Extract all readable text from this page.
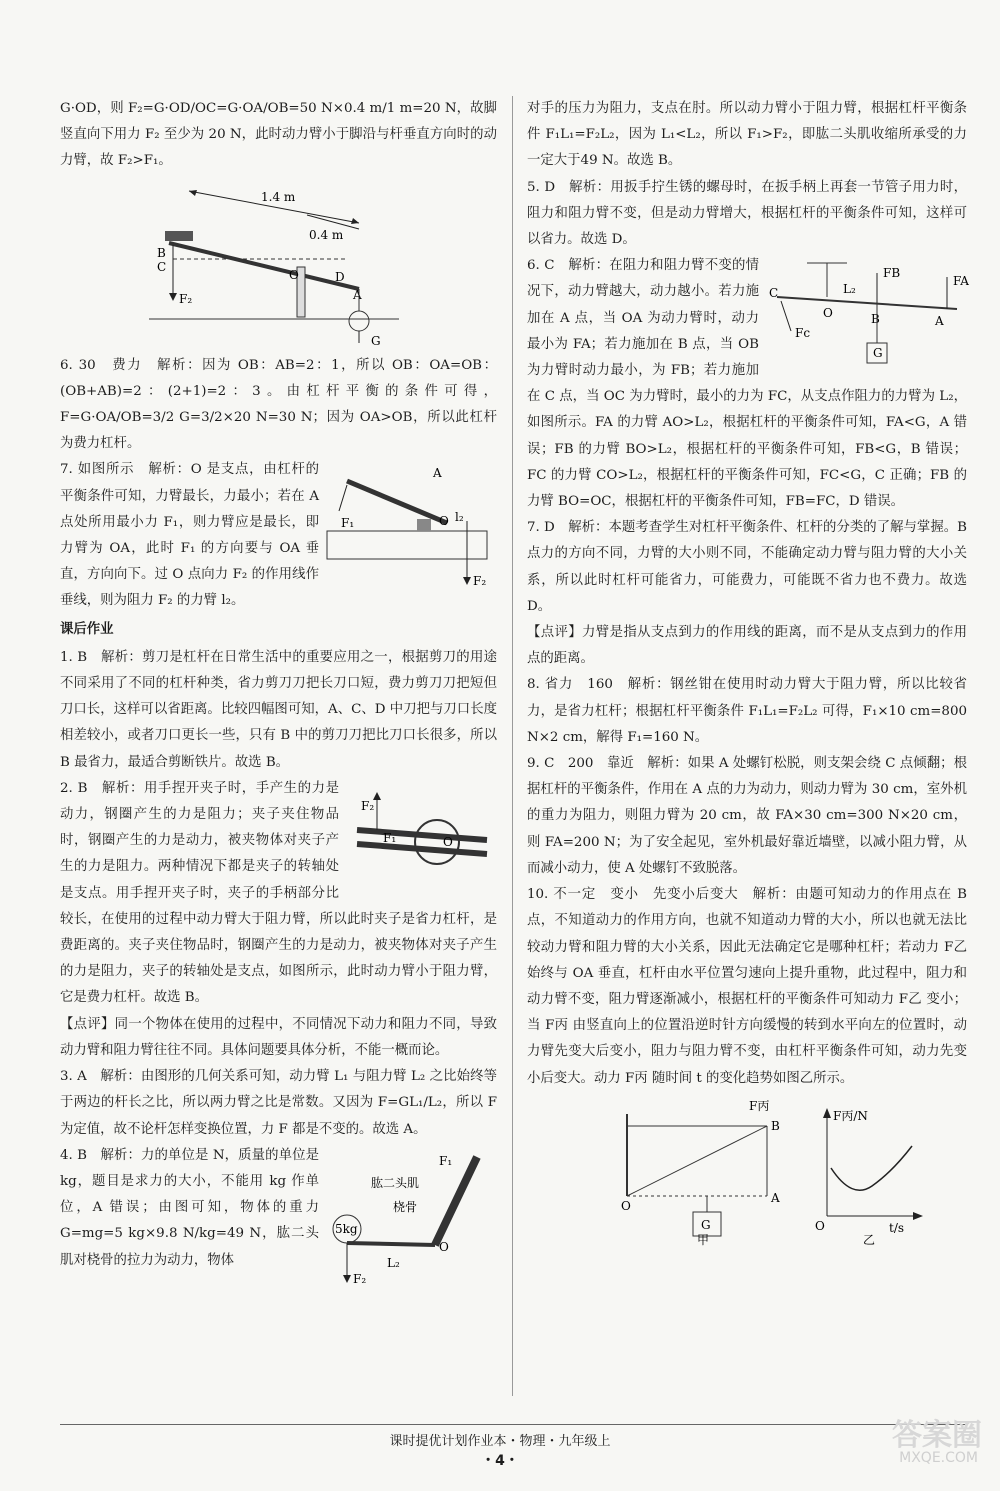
G·OD，则 F₂=G·OD/OC=G·OA/OB=50 N×0.4 m/1 m=20 N，故脚竖直向下用力 F₂ 至少为 20 N，此时动力臂小于脚沿与杆垂直方向时的动力臂，故 F₂>F₁。

1.4 m
0.4 m
B
C
O	D
A
F₂
G

6. 30　费力　解析：因为 OB：AB=2：1，所以 OB：OA=OB：(OB+AB)=2：(2+1)=2：3。由杠杆平衡的条件可得，F=G·OA/OB=3/2 G=3/2×20 N=30 N；因为 OA>OB，所以此杠杆为费力杠杆。

A
F₁	O l₂
F₂

7. 如图所示　解析：O 是支点，由杠杆的平衡条件可知，力臂最长，力最小；若在 A 点处所用最小力 F₁，则力臂应是最长，即力臂为 OA，此时 F₁ 的方向要与 OA 垂直，方向向下。过 O 点向力 F₂ 的作用线作垂线，则为阻力 F₂ 的力臂 l₂。

课后作业

1. B　解析：剪刀是杠杆在日常生活中的重要应用之一，根据剪刀的用途不同采用了不同的杠杆种类，省力剪刀刀把长刀口短，费力剪刀刀把短但刀口长，这样可以省距离。比较四幅图可知，A、C、D 中刀把与刀口长度相差较小，或者刀口更长一些，只有 B 中的剪刀刀把比刀口长很多，所以 B 最省力，最适合剪断铁片。故选 B。

F₂
F₁	O

2. B　解析：用手捏开夹子时，手产生的力是动力，钢圈产生的力是阻力；夹子夹住物品时，钢圈产生的力是动力，被夹物体对夹子产生的力是阻力。两种情况下都是夹子的转轴处是支点。用手捏开夹子时，夹子的手柄部分比较长，在使用的过程中动力臂大于阻力臂，所以此时夹子是省力杠杆，是费距离的。夹子夹住物品时，钢圈产生的力是动力，被夹物体对夹子产生的力是阻力，夹子的转轴处是支点，如图所示，此时动力臂小于阻力臂，它是费力杠杆。故选 B。

【点评】同一个物体在使用的过程中，不同情况下动力和阻力不同，导致动力臂和阻力臂往往不同。具体问题要具体分析，不能一概而论。

3. A　解析：由图形的几何关系可知，动力臂 L₁ 与阻力臂 L₂ 之比始终等于两边的杆长之比，所以两力臂之比是常数。又因为 F=GL₁/L₂，所以 F 为定值，故不论杆怎样变换位置，力 F 都是不变的。故选 A。

F₁
肱二头肌
桡骨
5kg
O
L₂
F₂

4. B　解析：力的单位是 N，质量的单位是 kg，题目是求力的大小，不能用 kg 作单位，A 错误；由图可知，物体的重力 G=mg=5 kg×9.8 N/kg=49 N，肱二头肌对桡骨的拉力为动力，物体

对手的压力为阻力，支点在肘。所以动力臂小于阻力臂，根据杠杆平衡条件 F₁L₁=F₂L₂，因为 L₁<L₂，所以 F₁>F₂，即肱二头肌收缩所承受的力一定大于49 N。故选 B。

5. D　解析：用扳手拧生锈的螺母时，在扳手柄上再套一节管子用力时，阻力和阻力臂不变，但是动力臂增大，根据杠杆的平衡条件可知，这样可以省力。故选 D。

C
Fc
O
L₂
FB
B
FA
A
G

6. C　解析：在阻力和阻力臂不变的情况下，动力臂越大，动力越小。若力施加在 A 点，当 OA 为动力臂时，动力最小为 FA；若力施加在 B 点，当 OB 为力臂时动力最小，为 FB；若力施加在 C 点，当 OC 为力臂时，最小的力为 FC，从支点作阻力的力臂为 L₂，如图所示。FA 的力臂 AO>L₂，根据杠杆的平衡条件可知，FA<G，A 错误；FB 的力臂 BO>L₂，根据杠杆的平衡条件可知，FB<G，B 错误；FC 的力臂 CO>L₂，根据杠杆的平衡条件可知，FC<G，C 正确；FB 的力臂 BO=OC，根据杠杆的平衡条件可知，FB=FC，D 错误。

7. D　解析：本题考查学生对杠杆平衡条件、杠杆的分类的了解与掌握。B 点力的方向不同，力臂的大小则不同，不能确定动力臂与阻力臂的大小关系，所以此时杠杆可能省力，可能费力，可能既不省力也不费力。故选 D。

【点评】力臂是指从支点到力的作用线的距离，而不是从支点到力的作用点的距离。

8. 省力　160　解析：钢丝钳在使用时动力臂大于阻力臂，所以比较省力，是省力杠杆；根据杠杆平衡条件 F₁L₁=F₂L₂ 可得，F₁×10 cm=800 N×2 cm，解得 F₁=160 N。

9. C　200　靠近　解析：如果 A 处螺钉松脱，则支架会绕 C 点倾翻；根据杠杆的平衡条件，作用在 A 点的力为动力，则动力臂为 30 cm，室外机的重力为阻力，则阻力臂为 20 cm，故 FA×30 cm=300 N×20 cm，则 FA=200 N；为了安全起见，室外机最好靠近墙壁，以减小阻力臂，从而减小动力，使 A 处螺钉不致脱落。

10. 不一定　变小　先变小后变大　解析：由题可知动力的作用点在 B 点，不知道动力的作用方向，也就不知道动力臂的大小，所以也就无法比较动力臂和阻力臂的大小关系，因此无法确定它是哪种杠杆；若动力 F乙 始终与 OA 垂直，杠杆由水平位置匀速向上提升重物，此过程中，阻力和动力臂不变，阻力臂逐渐减小，根据杠杆的平衡条件可知动力 F乙 变小；当 F丙 由竖直向上的位置沿逆时针方向缓慢的转到水平向左的位置时，动力臂先变大后变小，阻力与阻力臂不变，由杠杆平衡条件可知，动力先变小后变大。动力 F丙 随时间 t 的变化趋势如图乙所示。

F丙
B
A
O
G
甲
F丙/N
t/s
O
乙
课时提优计划作业本・物理・九年级上
・4・
答案圈
MXQE.COM
